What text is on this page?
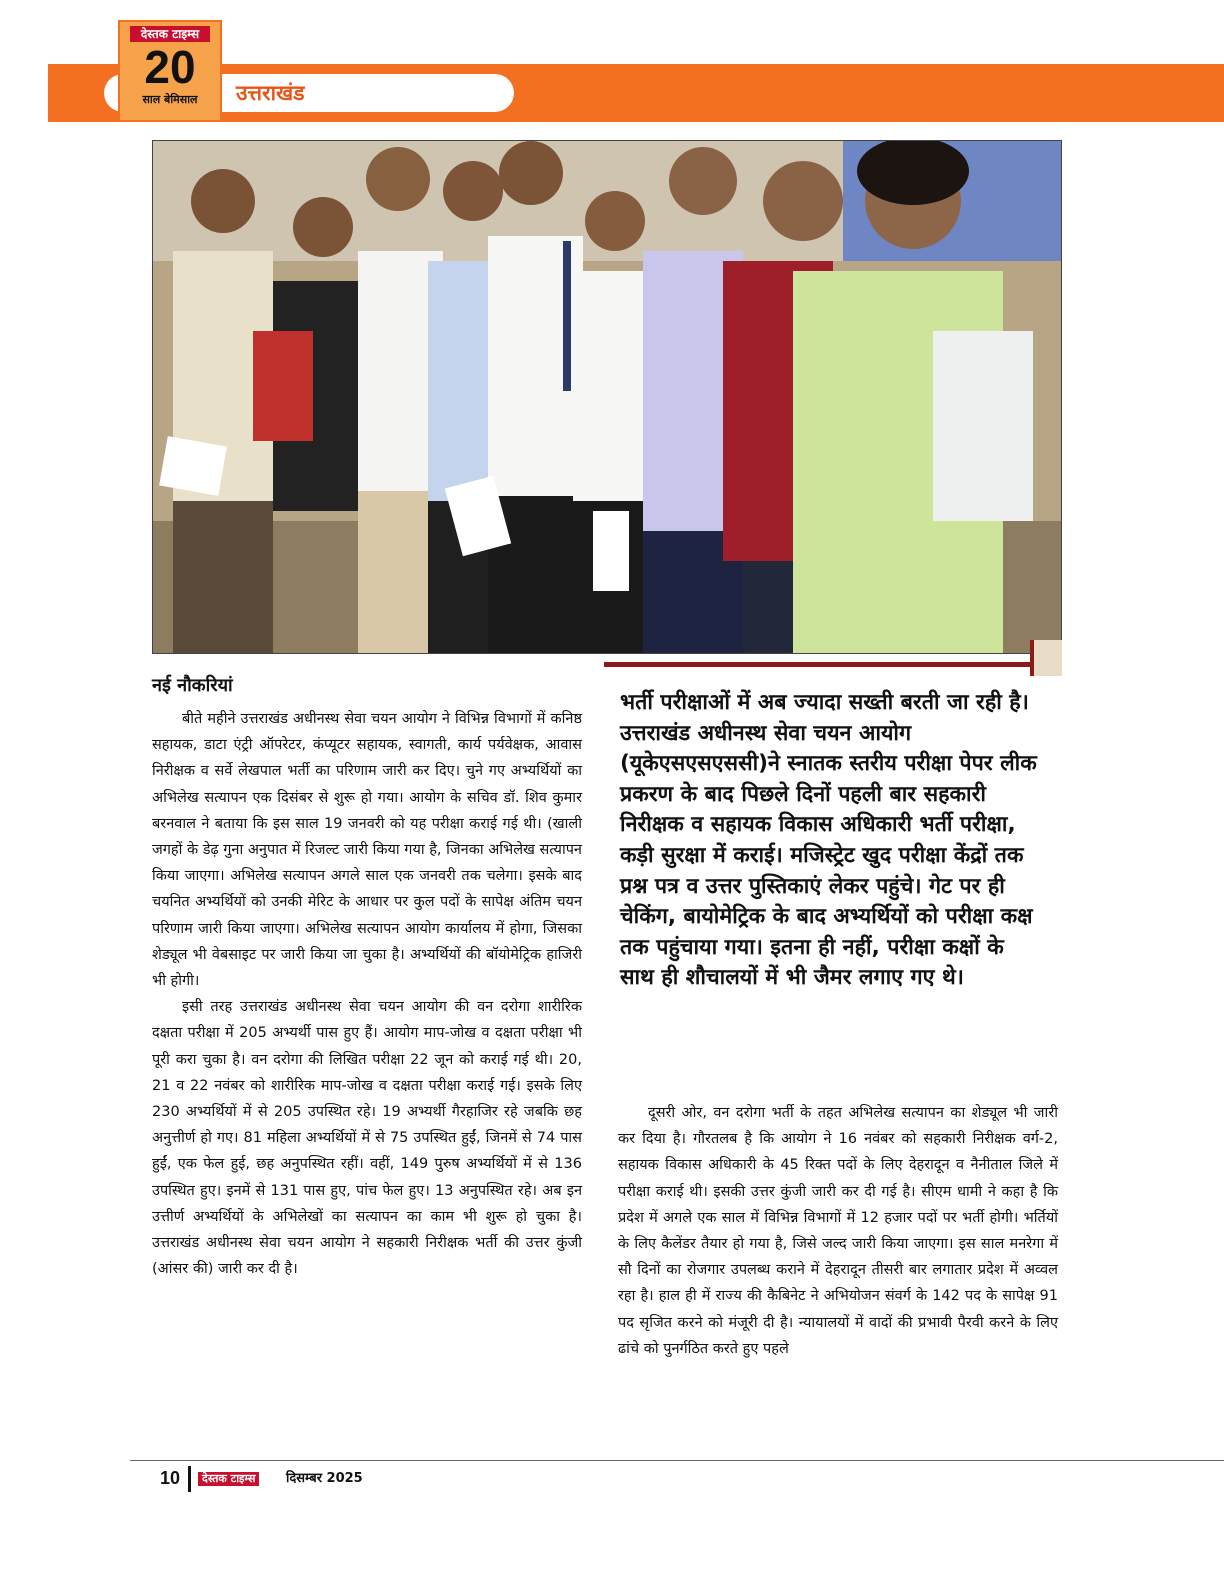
उत्तराखंड
देस्तक टाइम्स
20
साल बेमिसाल
नई नौकरियां

बीते महीने उत्तराखंड अधीनस्थ सेवा चयन आयोग ने विभिन्न विभागों में कनिष्ठ सहायक, डाटा एंट्री ऑपरेटर, कंप्यूटर सहायक, स्वागती, कार्य पर्यवेक्षक, आवास निरीक्षक व सर्वे लेखपाल भर्ती का परिणाम जारी कर दिए। चुने गए अभ्यर्थियों का अभिलेख सत्यापन एक दिसंबर से शुरू हो गया। आयोग के सचिव डॉ. शिव कुमार बरनवाल ने बताया कि इस साल 19 जनवरी को यह परीक्षा कराई गई थी। (खाली जगहों के डेढ़ गुना अनुपात में रिजल्ट जारी किया गया है, जिनका अभिलेख सत्यापन किया जाएगा। अभिलेख सत्यापन अगले साल एक जनवरी तक चलेगा। इसके बाद चयनित अभ्यर्थियों को उनकी मेरिट के आधार पर कुल पदों के सापेक्ष अंतिम चयन परिणाम जारी किया जाएगा। अभिलेख सत्यापन आयोग कार्यालय में होगा, जिसका शेड्यूल भी वेबसाइट पर जारी किया जा चुका है। अभ्यर्थियों की बॉयोमेट्रिक हाजिरी भी होगी।

इसी तरह उत्तराखंड अधीनस्थ सेवा चयन आयोग की वन दरोगा शारीरिक दक्षता परीक्षा में 205 अभ्यर्थी पास हुए हैं। आयोग माप-जोख व दक्षता परीक्षा भी पूरी करा चुका है। वन दरोगा की लिखित परीक्षा 22 जून को कराई गई थी। 20, 21 व 22 नवंबर को शारीरिक माप-जोख व दक्षता परीक्षा कराई गई। इसके लिए 230 अभ्यर्थियों में से 205 उपस्थित रहे। 19 अभ्यर्थी गैरहाजिर रहे जबकि छह अनुत्तीर्ण हो गए। 81 महिला अभ्यर्थियों में से 75 उपस्थित हुईं, जिनमें से 74 पास हुईं, एक फेल हुई, छह अनुपस्थित रहीं। वहीं, 149 पुरुष अभ्यर्थियों में से 136 उपस्थित हुए। इनमें से 131 पास हुए, पांच फेल हुए। 13 अनुपस्थित रहे। अब इन उत्तीर्ण अभ्यर्थियों के अभिलेखों का सत्यापन का काम भी शुरू हो चुका है। उत्तराखंड अधीनस्थ सेवा चयन आयोग ने सहकारी निरीक्षक भर्ती की उत्तर कुंजी (आंसर की) जारी कर दी है।

भर्ती परीक्षाओं में अब ज्यादा सख्ती बरती जा रही है। उत्तराखंड अधीनस्थ सेवा चयन आयोग (यूकेएसएसएससी)ने स्नातक स्तरीय परीक्षा पेपर लीक प्रकरण के बाद पिछले दिनों पहली बार सहकारी निरीक्षक व सहायक विकास अधिकारी भर्ती परीक्षा, कड़ी सुरक्षा में कराई। मजिस्ट्रेट खुद परीक्षा केंद्रों तक प्रश्न पत्र व उत्तर पुस्तिकाएं लेकर पहुंचे। गेट पर ही चेकिंग, बायोमेट्रिक के बाद अभ्यर्थियों को परीक्षा कक्ष तक पहुंचाया गया। इतना ही नहीं, परीक्षा कक्षों के साथ ही शौचालयों में भी जैमर लगाए गए थे।

दूसरी ओर, वन दरोगा भर्ती के तहत अभिलेख सत्यापन का शेड्यूल भी जारी कर दिया है। गौरतलब है कि आयोग ने 16 नवंबर को सहकारी निरीक्षक वर्ग-2, सहायक विकास अधिकारी के 45 रिक्त पदों के लिए देहरादून व नैनीताल जिले में परीक्षा कराई थी। इसकी उत्तर कुंजी जारी कर दी गई है। सीएम धामी ने कहा है कि प्रदेश में अगले एक साल में विभिन्न विभागों में 12 हजार पदों पर भर्ती होगी। भर्तियों के लिए कैलेंडर तैयार हो गया है, जिसे जल्द जारी किया जाएगा। इस साल मनरेगा में सौ दिनों का रोजगार उपलब्ध कराने में देहरादून तीसरी बार लगातार प्रदेश में अव्वल रहा है। हाल ही में राज्य की कैबिनेट ने अभियोजन संवर्ग के 142 पद के सापेक्ष 91 पद सृजित करने को मंजूरी दी है। न्यायालयों में वादों की प्रभावी पैरवी करने के लिए ढांचे को पुनर्गठित करते हुए पहले

10	देस्तक टाइम्स	दिसम्बर 2025
